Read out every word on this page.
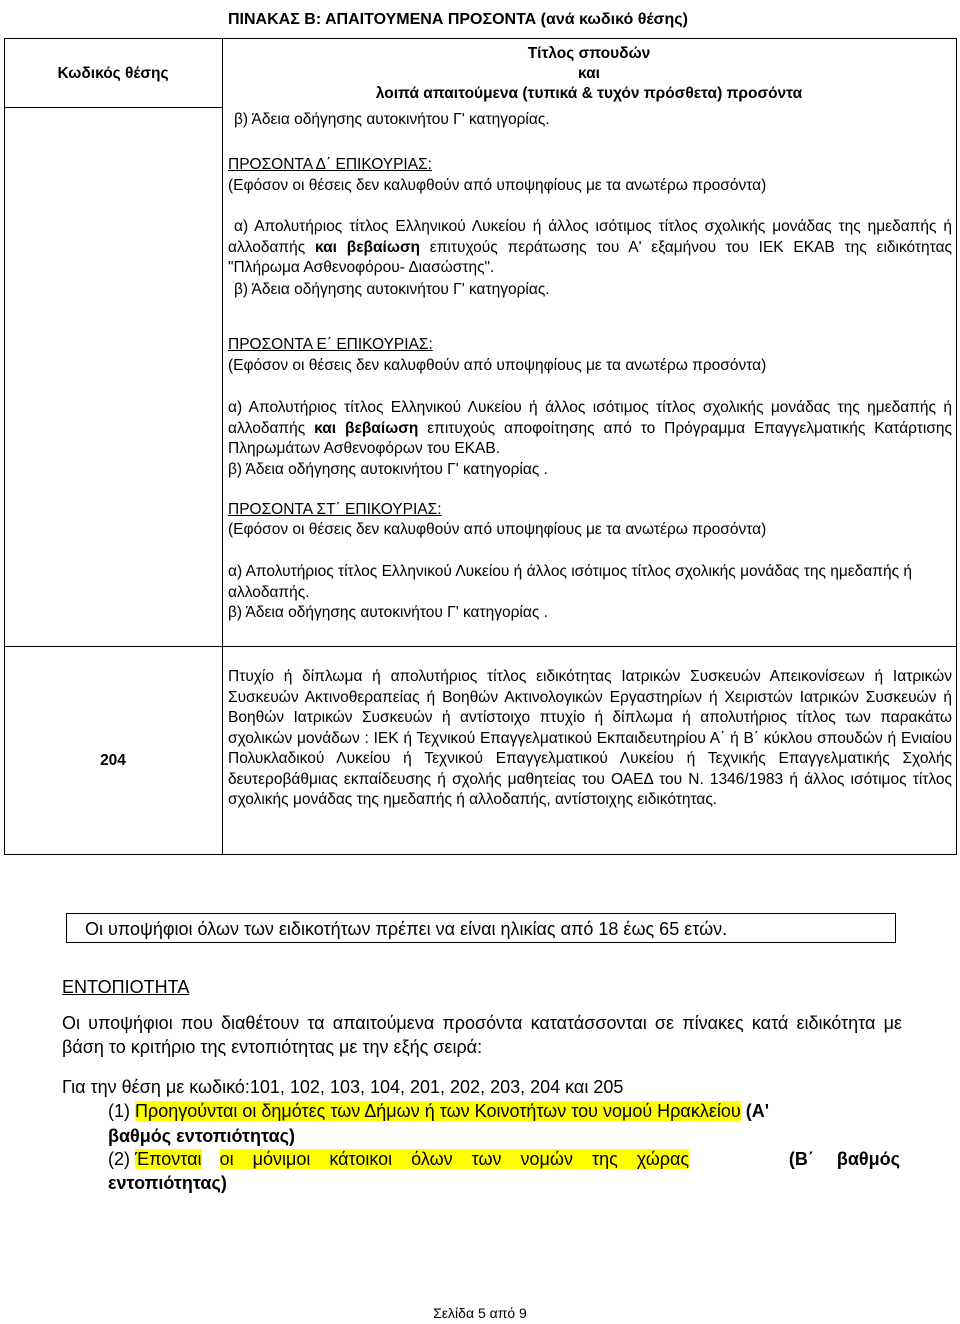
ΠΙΝΑΚΑΣ Β: ΑΠΑΙΤΟΥΜΕΝΑ ΠΡΟΣΟΝΤΑ (ανά κωδικό θέσης)
Κωδικός θέσης
Τίτλος σπουδών
και
λοιπά απαιτούμενα (τυπικά & τυχόν πρόσθετα) προσόντα
β) Άδεια οδήγησης αυτοκινήτου Γ' κατηγορίας.
ΠΡΟΣΟΝΤΑ Δ΄ ΕΠΙΚΟΥΡΙΑΣ:
(Εφόσον οι θέσεις δεν καλυφθούν από υποψηφίους με τα ανωτέρω προσόντα)
α) Απολυτήριος τίτλος Ελληνικού Λυκείου ή άλλος ισότιμος τίτλος σχολικής μονάδας της ημεδαπής ή αλλοδαπής και βεβαίωση επιτυχούς περάτωσης του Α' εξαμήνου του ΙΕΚ ΕΚΑΒ της ειδικότητας "Πλήρωμα Ασθενοφόρου- Διασώστης".
β) Άδεια οδήγησης αυτοκινήτου Γ' κατηγορίας.
ΠΡΟΣΟΝΤΑ Ε΄ ΕΠΙΚΟΥΡΙΑΣ:
(Εφόσον οι θέσεις δεν καλυφθούν από υποψηφίους με τα ανωτέρω προσόντα)
α) Απολυτήριος τίτλος Ελληνικού Λυκείου ή άλλος ισότιμος τίτλος σχολικής μονάδας της ημεδαπής ή αλλοδαπής και βεβαίωση επιτυχούς αποφοίτησης από το Πρόγραμμα Επαγγελματικής Κατάρτισης Πληρωμάτων Ασθενοφόρων του ΕΚΑΒ.
β) Άδεια οδήγησης αυτοκινήτου Γ' κατηγορίας .
ΠΡΟΣΟΝΤΑ ΣΤ΄ ΕΠΙΚΟΥΡΙΑΣ:
(Εφόσον οι θέσεις δεν καλυφθούν από υποψηφίους με τα ανωτέρω προσόντα)
α) Απολυτήριος τίτλος Ελληνικού Λυκείου ή άλλος ισότιμος τίτλος σχολικής μονάδας της ημεδαπής ή αλλοδαπής.
β) Άδεια οδήγησης αυτοκινήτου Γ' κατηγορίας .
204
Πτυχίο ή δίπλωμα ή απολυτήριος τίτλος ειδικότητας Ιατρικών Συσκευών Απεικονίσεων ή Ιατρικών Συσκευών Ακτινοθεραπείας ή Βοηθών Ακτινολογικών Εργαστηρίων ή Χειριστών Ιατρικών Συσκευών ή Βοηθών Ιατρικών Συσκευών ή αντίστοιχο πτυχίο ή δίπλωμα ή απολυτήριος τίτλος των παρακάτω σχολικών μονάδων : ΙΕΚ ή Τεχνικού Επαγγελματικού Εκπαιδευτηρίου Α΄ ή Β΄ κύκλου σπουδών ή Ενιαίου Πολυκλαδικού Λυκείου ή Τεχνικού Επαγγελματικού Λυκείου ή Τεχνικής Επαγγελματικής Σχολής δευτεροβάθμιας εκπαίδευσης ή σχολής μαθητείας του ΟΑΕΔ του Ν. 1346/1983 ή άλλος ισότιμος τίτλος σχολικής μονάδας της ημεδαπής ή αλλοδαπής, αντίστοιχης ειδικότητας.
Οι υποψήφιοι όλων των ειδικοτήτων πρέπει να είναι ηλικίας από 18 έως 65 ετών.
ΕΝΤΟΠΙΟΤΗΤΑ
Οι υποψήφιοι που διαθέτουν τα απαιτούμενα προσόντα κατατάσσονται σε πίνακες κατά ειδικότητα με βάση το κριτήριο της εντοπιότητας με την εξής σειρά:
Για την θέση με κωδικό:101, 102, 103, 104, 201, 202, 203, 204 και 205
(1) Προηγούνται οι δημότες των Δήμων ή των Κοινοτήτων του νομού Ηρακλείου (Α'
βαθμός εντοπιότητας)
(2) Έπονται οι μόνιμοι κάτοικοι όλων των νομών της χώρας	(Β΄ βαθμός
εντοπιότητας)
Σελίδα 5 από 9
